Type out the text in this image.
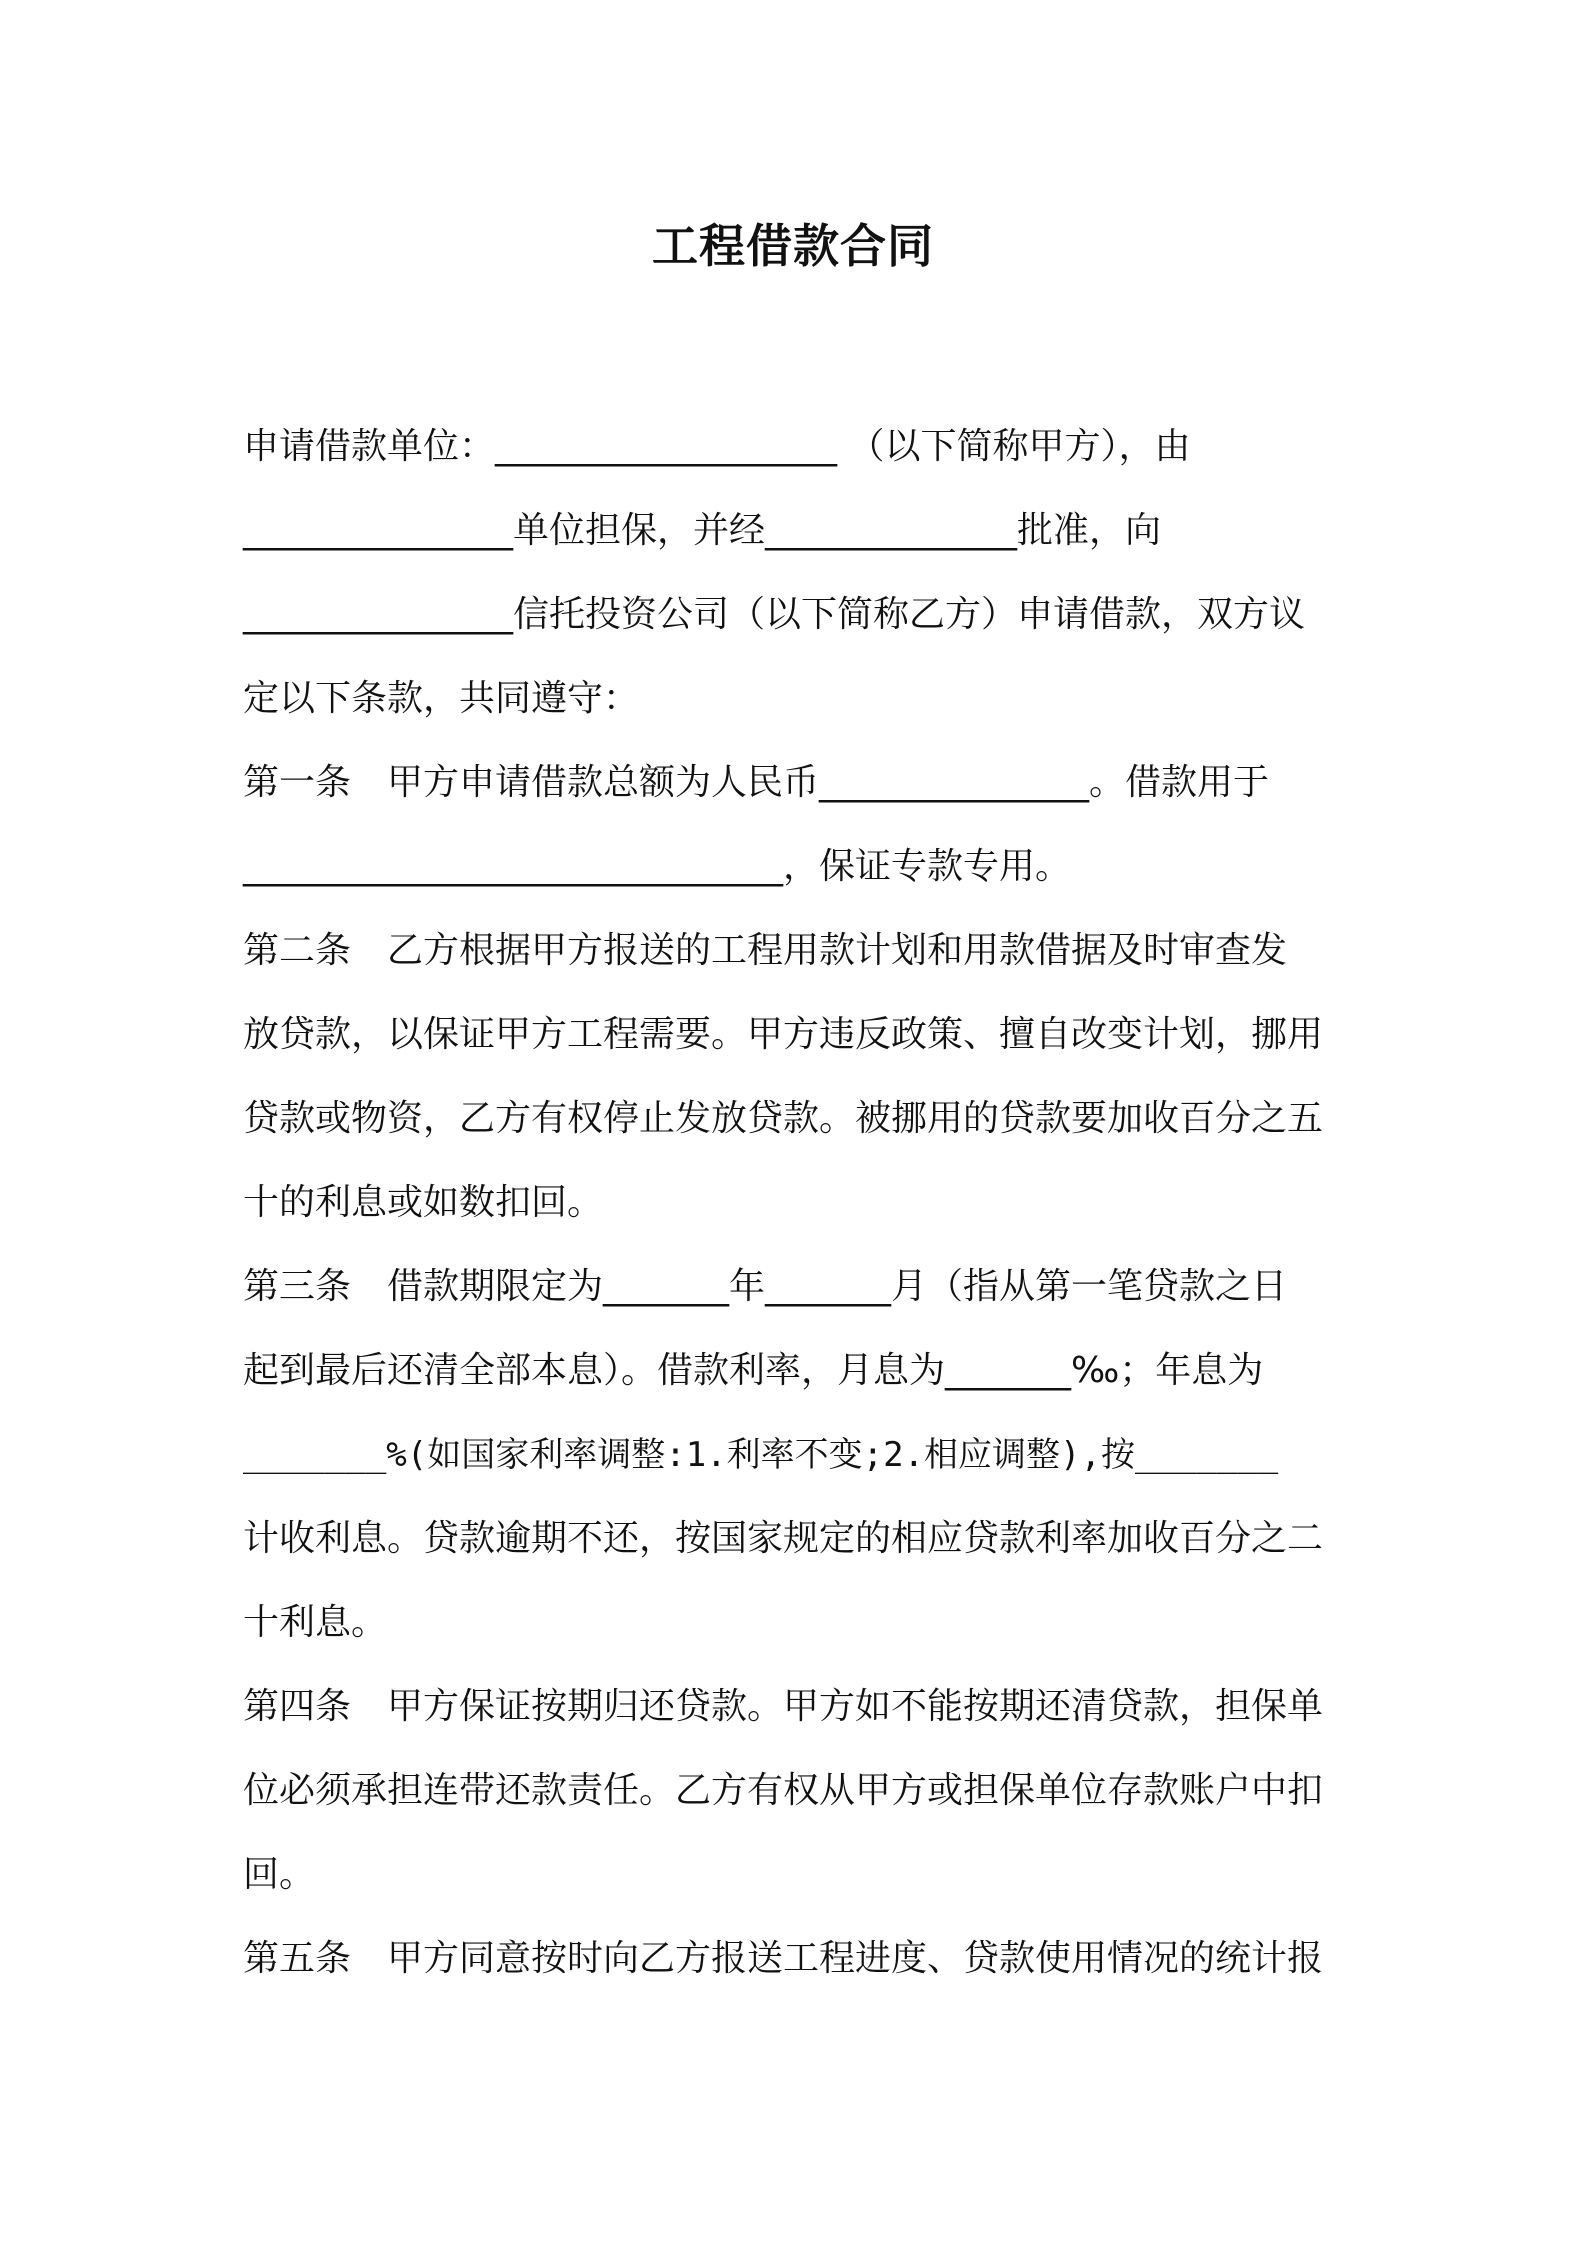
工程借款合同
申请借款单位：___________________ （以下简称甲方），由
_______________单位担保，并经______________批准，向
_______________信托投资公司（以下简称乙方）申请借款，双方议
定以下条款，共同遵守：
第一条　甲方申请借款总额为人民币_______________。借款用于
______________________________，保证专款专用。
第二条　乙方根据甲方报送的工程用款计划和用款借据及时审查发
放贷款，以保证甲方工程需要。甲方违反政策、擅自改变计划，挪用
贷款或物资，乙方有权停止发放贷款。被挪用的贷款要加收百分之五
十的利息或如数扣回。
第三条　借款期限定为_______年_______月（指从第一笔贷款之日
起到最后还清全部本息）。借款利率，月息为_______‰；年息为
_______%(如国家利率调整:1.利率不变;2.相应调整),按_______
计收利息。贷款逾期不还，按国家规定的相应贷款利率加收百分之二
十利息。
第四条　甲方保证按期归还贷款。甲方如不能按期还清贷款，担保单
位必须承担连带还款责任。乙方有权从甲方或担保单位存款账户中扣
回。
第五条　甲方同意按时向乙方报送工程进度、贷款使用情况的统计报
